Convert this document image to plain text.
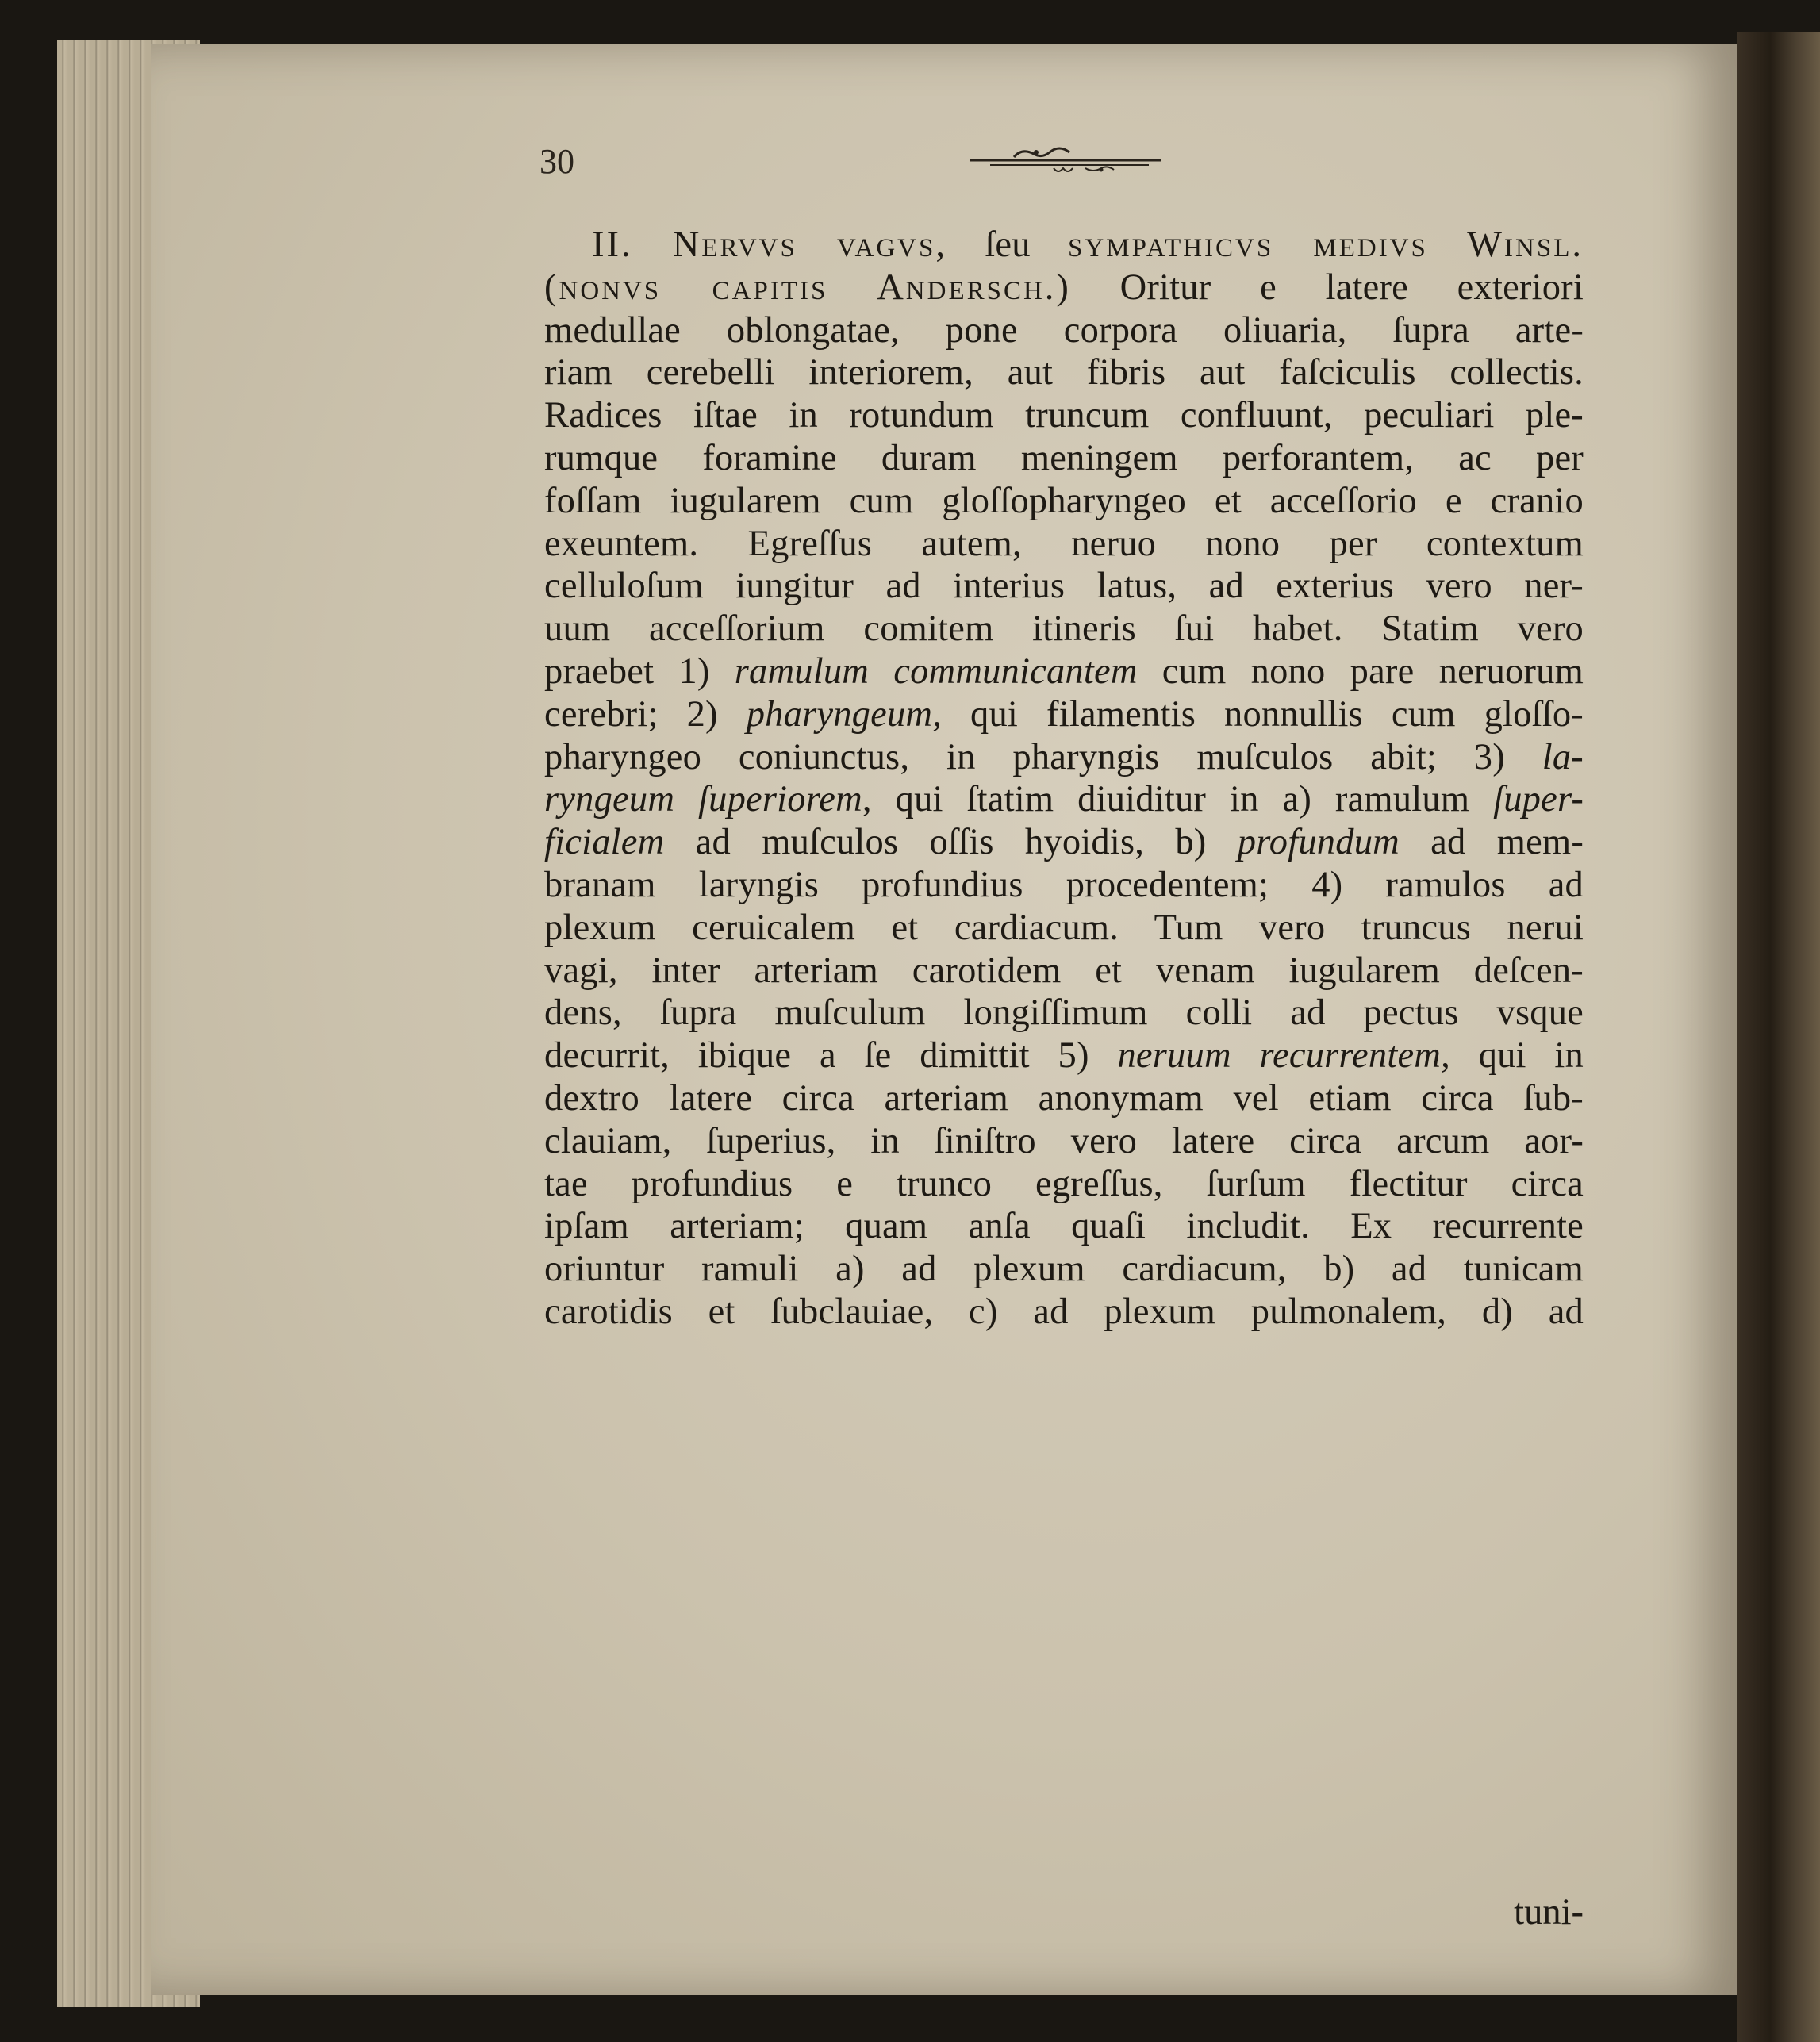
30
II. Nervvs vagvs, ſeu sympathicvs medivs Winsl.
(nonvs capitis Andersch.) Oritur e latere exteriori
medullae oblongatae, pone corpora oliuaria, ſupra arte-
riam cerebelli interiorem, aut fibris aut faſciculis collectis.
Radices iſtae in rotundum truncum confluunt, peculiari ple-
rumque foramine duram meningem perforantem, ac per
foſſam iugularem cum gloſſopharyngeo et acceſſorio e cranio
exeuntem. Egreſſus autem, neruo nono per contextum
celluloſum iungitur ad interius latus, ad exterius vero ner-
uum acceſſorium comitem itineris ſui habet. Statim vero
praebet 1) ramulum communicantem cum nono pare neruorum
cerebri; 2) pharyngeum, qui filamentis nonnullis cum gloſſo-
pharyngeo coniunctus, in pharyngis muſculos abit; 3) la-
ryngeum ſuperiorem, qui ſtatim diuiditur in a) ramulum ſuper-
ficialem ad muſculos oſſis hyoidis, b) profundum ad mem-
branam laryngis profundius procedentem; 4) ramulos ad
plexum ceruicalem et cardiacum. Tum vero truncus nerui
vagi, inter arteriam carotidem et venam iugularem deſcen-
dens, ſupra muſculum longiſſimum colli ad pectus vsque
decurrit, ibique a ſe dimittit 5) neruum recurrentem, qui in
dextro latere circa arteriam anonymam vel etiam circa ſub-
clauiam, ſuperius, in ſiniſtro vero latere circa arcum aor-
tae profundius e trunco egreſſus, ſurſum flectitur circa
ipſam arteriam; quam anſa quaſi includit. Ex recurrente
oriuntur ramuli a) ad plexum cardiacum, b) ad tunicam
carotidis et ſubclauiae, c) ad plexum pulmonalem, d) ad
tuni-
